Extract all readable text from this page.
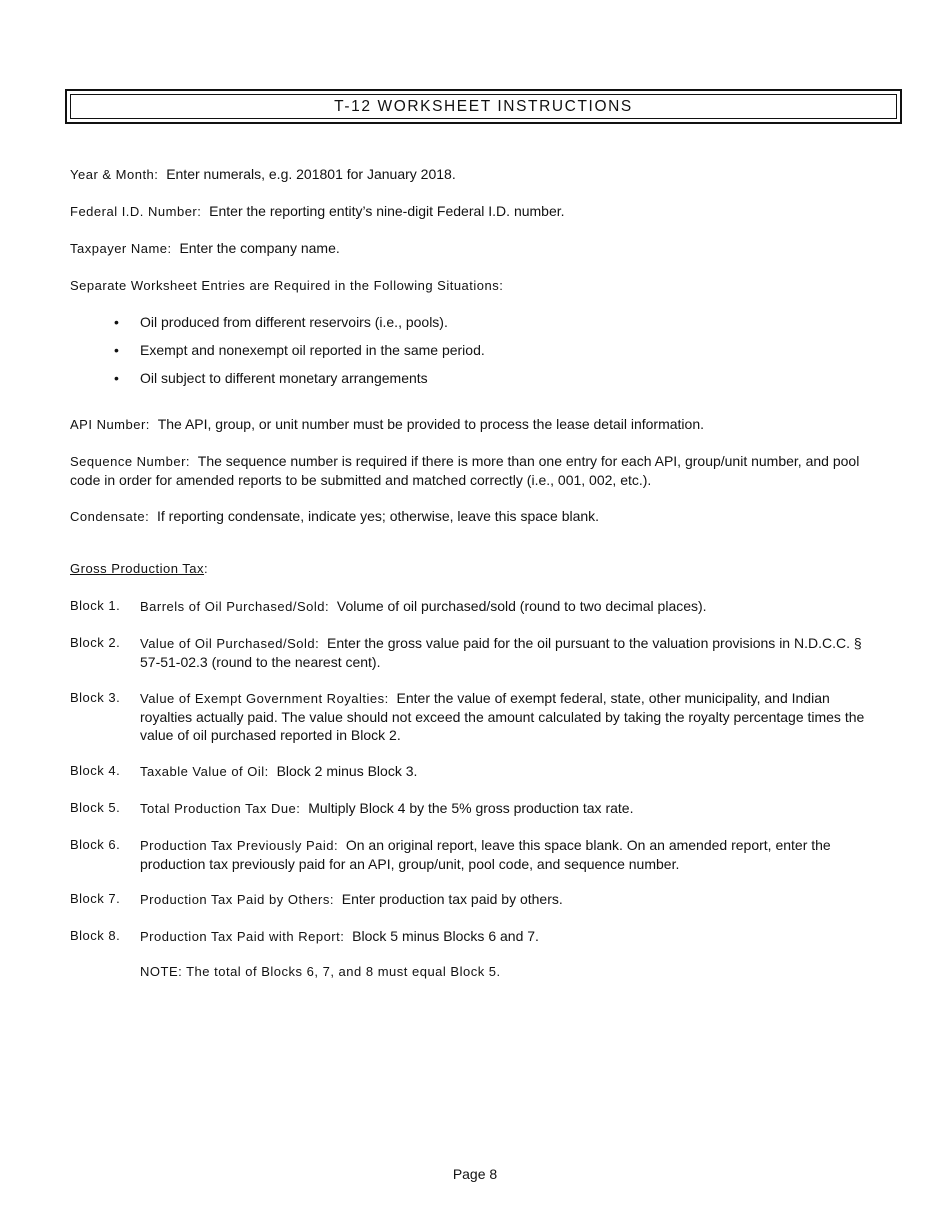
T-12 WORKSHEET INSTRUCTIONS
Year & Month: Enter numerals, e.g. 201801 for January 2018.
Federal I.D. Number: Enter the reporting entity’s nine-digit Federal I.D. number.
Taxpayer Name: Enter the company name.
Separate Worksheet Entries are Required in the Following Situations:
• Oil produced from different reservoirs (i.e., pools).
• Exempt and nonexempt oil reported in the same period.
• Oil subject to different monetary arrangements
API Number: The API, group, or unit number must be provided to process the lease detail information.
Sequence Number: The sequence number is required if there is more than one entry for each API, group/unit number, and pool code in order for amended reports to be submitted and matched correctly (i.e., 001, 002, etc.).
Condensate: If reporting condensate, indicate yes; otherwise, leave this space blank.
Gross Production Tax:
Block 1. Barrels of Oil Purchased/Sold: Volume of oil purchased/sold (round to two decimal places).
Block 2. Value of Oil Purchased/Sold: Enter the gross value paid for the oil pursuant to the valuation provisions in N.D.C.C. § 57-51-02.3 (round to the nearest cent).
Block 3. Value of Exempt Government Royalties: Enter the value of exempt federal, state, other municipality, and Indian royalties actually paid. The value should not exceed the amount calculated by taking the royalty percentage times the value of oil purchased reported in Block 2.
Block 4. Taxable Value of Oil: Block 2 minus Block 3.
Block 5. Total Production Tax Due: Multiply Block 4 by the 5% gross production tax rate.
Block 6. Production Tax Previously Paid: On an original report, leave this space blank. On an amended report, enter the production tax previously paid for an API, group/unit, pool code, and sequence number.
Block 7. Production Tax Paid by Others: Enter production tax paid by others.
Block 8. Production Tax Paid with Report: Block 5 minus Blocks 6 and 7.
NOTE: The total of Blocks 6, 7, and 8 must equal Block 5.
Page 8
